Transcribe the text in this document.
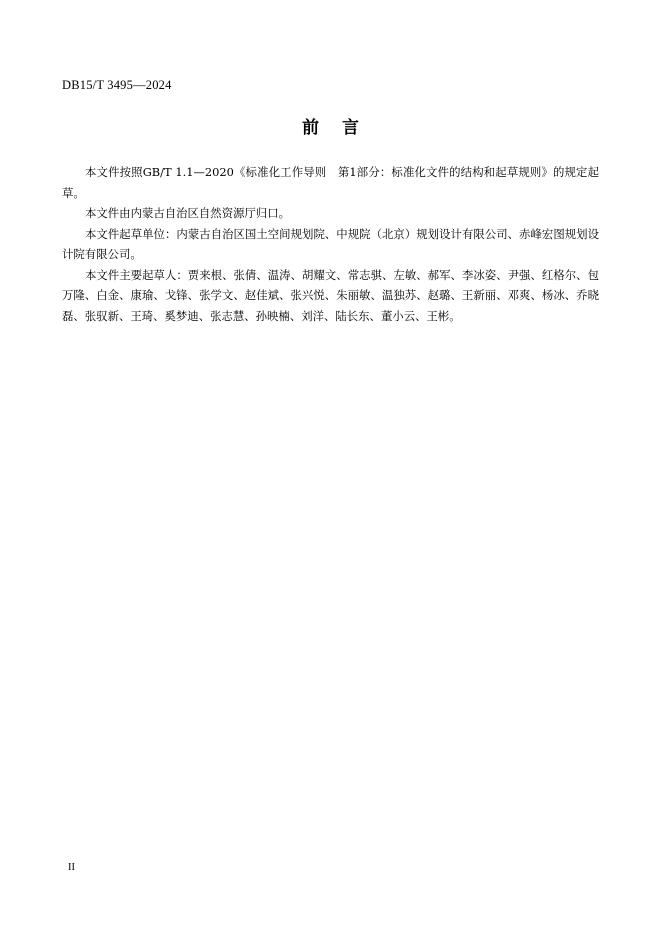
DB15/T 3495—2024
前 言

本文件按照GB/T 1.1—2020《标准化工作导则　第1部分：标准化文件的结构和起草规则》的规定起草。

本文件由内蒙古自治区自然资源厅归口。

本文件起草单位：内蒙古自治区国土空间规划院、中规院（北京）规划设计有限公司、赤峰宏图规划设计院有限公司。

本文件主要起草人：贾来根、张倩、温涛、胡耀文、常志骐、左敏、郝军、李冰姿、尹强、红格尔、包万隆、白金、康瑜、戈锋、张学文、赵佳斌、张兴悦、朱丽敏、温独苏、赵璐、王新丽、邓爽、杨冰、乔晓磊、张驭新、王琦、奚梦迪、张志慧、孙映楠、刘洋、陆长东、董小云、王彬。

II
